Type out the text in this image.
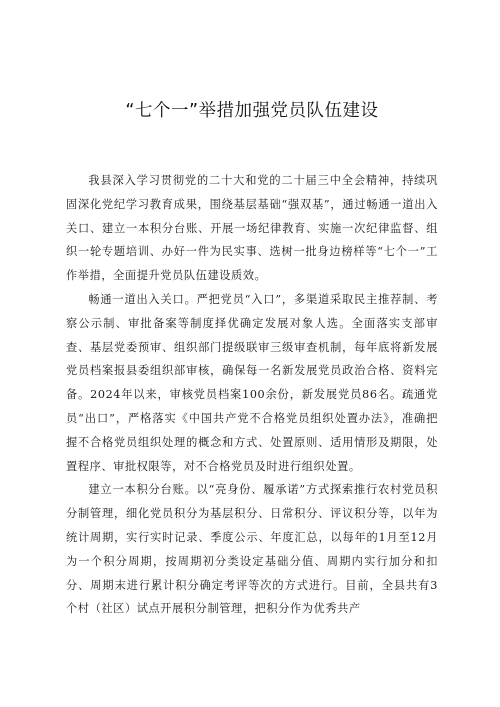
“七个一”举措加强党员队伍建设

我县深入学习贯彻党的二十大和党的二十届三中全会精神，持续巩固深化党纪学习教育成果，围绕基层基础“强双基”，通过畅通一道出入关口、建立一本积分台账、开展一场纪律教育、实施一次纪律监督、组织一轮专题培训、办好一件为民实事、选树一批身边榜样等“七个一”工作举措，全面提升党员队伍建设质效。

畅通一道出入关口。严把党员“入口”，多渠道采取民主推荐制、考察公示制、审批备案等制度择优确定发展对象人选。全面落实支部审查、基层党委预审、组织部门提级联审三级审查机制，每年底将新发展党员档案报县委组织部审核，确保每一名新发展党员政治合格、资料完备。2024年以来，审核党员档案100余份，新发展党员86名。疏通党员“出口”，严格落实《中国共产党不合格党员组织处置办法》，准确把握不合格党员组织处理的概念和方式、处置原则、适用情形及期限，处置程序、审批权限等，对不合格党员及时进行组织处置。

建立一本积分台账。以“亮身份、履承诺”方式探索推行农村党员积分制管理，细化党员积分为基层积分、日常积分、评议积分等，以年为统计周期，实行实时记录、季度公示、年度汇总，以每年的1月至12月为一个积分周期，按周期初分类设定基础分值、周期内实行加分和扣分、周期末进行累计积分确定考评等次的方式进行。目前，全县共有3个村（社区）试点开展积分制管理，把积分作为优秀共产
